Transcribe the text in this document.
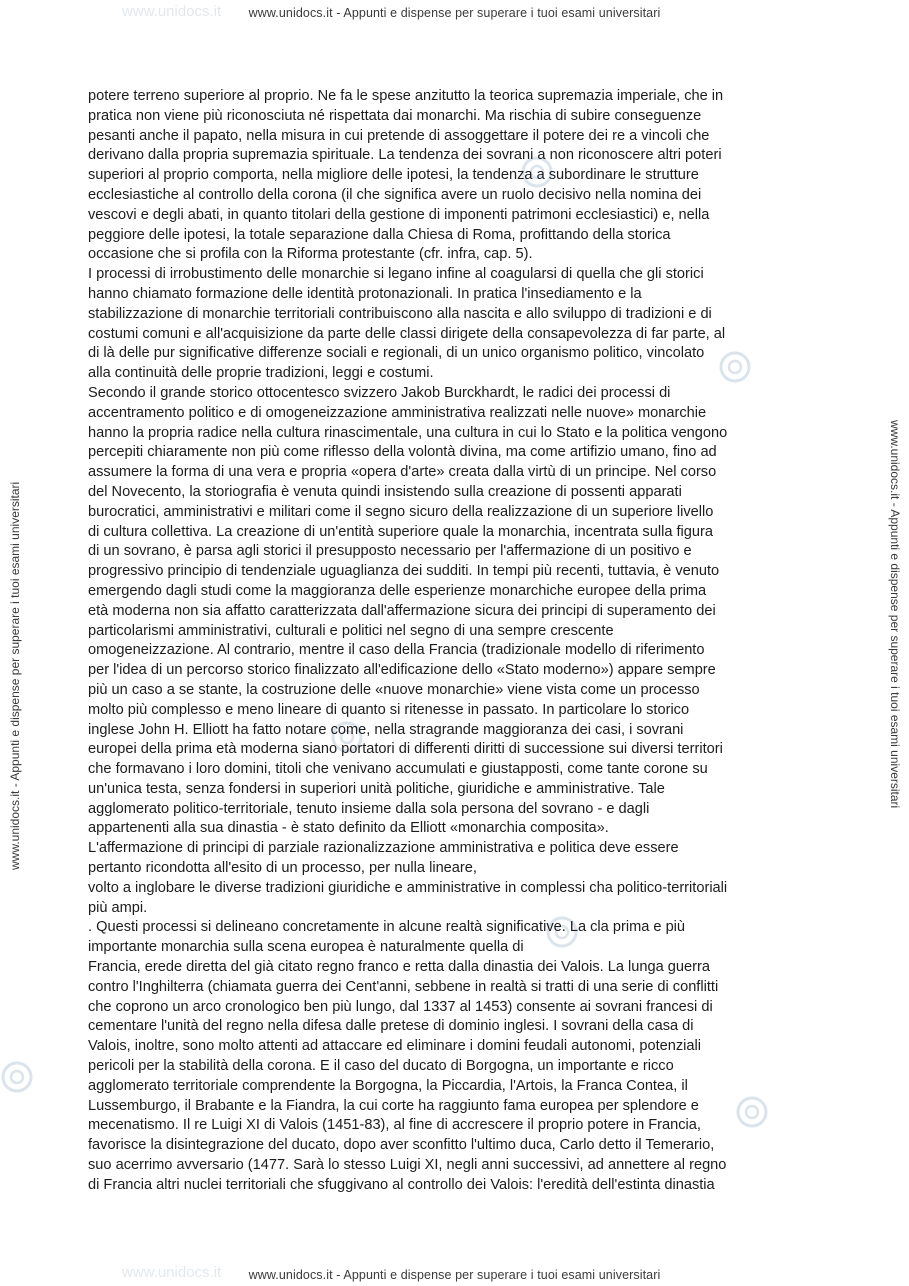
www.unidocs.it
www.unidocs.it
www.unidocs.it - Appunti e dispense per superare i tuoi esami universitari
www.unidocs.it - Appunti e dispense per superare i tuoi esami universitari
www.unidocs.it - Appunti e dispense per superare i tuoi esami universitari	www.unidocs.it - Appunti e dispense per superare i tuoi esami universitari
potere terreno superiore al proprio. Ne fa le spese anzitutto la teorica supremazia imperiale, che in
pratica non viene più riconosciuta né rispettata dai monarchi. Ma rischia di subire conseguenze
pesanti anche il papato, nella misura in cui pretende di assoggettare il potere dei re a vincoli che
derivano dalla propria supremazia spirituale. La tendenza dei sovrani a non riconoscere altri poteri
superiori al proprio comporta, nella migliore delle ipotesi, la tendenza a subordinare le strutture
ecclesiastiche al controllo della corona (il che significa avere un ruolo decisivo nella nomina dei
vescovi e degli abati, in quanto titolari della gestione di imponenti patrimoni ecclesiastici) e, nella
peggiore delle ipotesi, la totale separazione dalla Chiesa di Roma, profittando della storica
occasione che si profila con la Riforma protestante (cfr. infra, cap. 5).
I processi di irrobustimento delle monarchie si legano infine al coagularsi di quella che gli storici
hanno chiamato formazione delle identità protonazionali. In pratica l'insediamento e la
stabilizzazione di monarchie territoriali contribuiscono alla nascita e allo sviluppo di tradizioni e di
costumi comuni e all'acquisizione da parte delle classi dirigete della consapevolezza di far parte, al
di là delle pur significative differenze sociali e regionali, di un unico organismo politico, vincolato
alla continuità delle proprie tradizioni, leggi e costumi.
Secondo il grande storico ottocentesco svizzero Jakob Burckhardt, le radici dei processi di
accentramento politico e di omogeneizzazione amministrativa realizzati nelle nuove» monarchie
hanno la propria radice nella cultura rinascimentale, una cultura in cui lo Stato e la politica vengono
percepiti chiaramente non più come riflesso della volontà divina, ma come artifizio umano, fino ad
assumere la forma di una vera e propria «opera d'arte» creata dalla virtù di un principe. Nel corso
del Novecento, la storiografia è venuta quindi insistendo sulla creazione di possenti apparati
burocratici, amministrativi e militari come il segno sicuro della realizzazione di un superiore livello
di cultura collettiva. La creazione di un'entità superiore quale la monarchia, incentrata sulla figura
di un sovrano, è parsa agli storici il presupposto necessario per l'affermazione di un positivo e
progressivo principio di tendenziale uguaglianza dei sudditi. In tempi più recenti, tuttavia, è venuto
emergendo dagli studi come la maggioranza delle esperienze monarchiche europee della prima
età moderna non sia affatto caratterizzata dall'affermazione sicura dei principi di superamento dei
particolarismi amministrativi, culturali e politici nel segno di una sempre crescente
omogeneizzazione. Al contrario, mentre il caso della Francia (tradizionale modello di riferimento
per l'idea di un percorso storico finalizzato all'edificazione dello «Stato moderno») appare sempre
più un caso a se stante, la costruzione delle «nuove monarchie» viene vista come un processo
molto più complesso e meno lineare di quanto si ritenesse in passato. In particolare lo storico
inglese John H. Elliott ha fatto notare come, nella stragrande maggioranza dei casi, i sovrani
europei della prima età moderna siano portatori di differenti diritti di successione sui diversi territori
che formavano i loro domini, titoli che venivano accumulati e giustapposti, come tante corone su
un'unica testa, senza fondersi in superiori unità politiche, giuridiche e amministrative. Tale
agglomerato politico-territoriale, tenuto insieme dalla sola persona del sovrano - e dagli
appartenenti alla sua dinastia - è stato definito da Elliott «monarchia composita».
L'affermazione di principi di parziale razionalizzazione amministrativa e politica deve essere
pertanto ricondotta all'esito di un processo, per nulla lineare,
volto a inglobare le diverse tradizioni giuridiche e amministrative in complessi cha politico-territoriali
più ampi.
. Questi processi si delineano concretamente in alcune realtà significative. La cla prima e più
importante monarchia sulla scena europea è naturalmente quella di
Francia, erede diretta del già citato regno franco e retta dalla dinastia dei Valois. La lunga guerra
contro l'Inghilterra (chiamata guerra dei Cent'anni, sebbene in realtà si tratti di una serie di conflitti
che coprono un arco cronologico ben più lungo, dal 1337 al 1453) consente ai sovrani francesi di
cementare l'unità del regno nella difesa dalle pretese di dominio inglesi. I sovrani della casa di
Valois, inoltre, sono molto attenti ad attaccare ed eliminare i domini feudali autonomi, potenziali
pericoli per la stabilità della corona. E il caso del ducato di Borgogna, un importante e ricco
agglomerato territoriale comprendente la Borgogna, la Piccardia, l'Artois, la Franca Contea, il
Lussemburgo, il Brabante e la Fiandra, la cui corte ha raggiunto fama europea per splendore e
mecenatismo. Il re Luigi XI di Valois (1451-83), al fine di accrescere il proprio potere in Francia,
favorisce la disintegrazione del ducato, dopo aver sconfitto l'ultimo duca, Carlo detto il Temerario,
suo acerrimo avversario (1477. Sarà lo stesso Luigi XI, negli anni successivi, ad annettere al regno
di Francia altri nuclei territoriali che sfuggivano al controllo dei Valois: l'eredità dell'estinta dinastia
